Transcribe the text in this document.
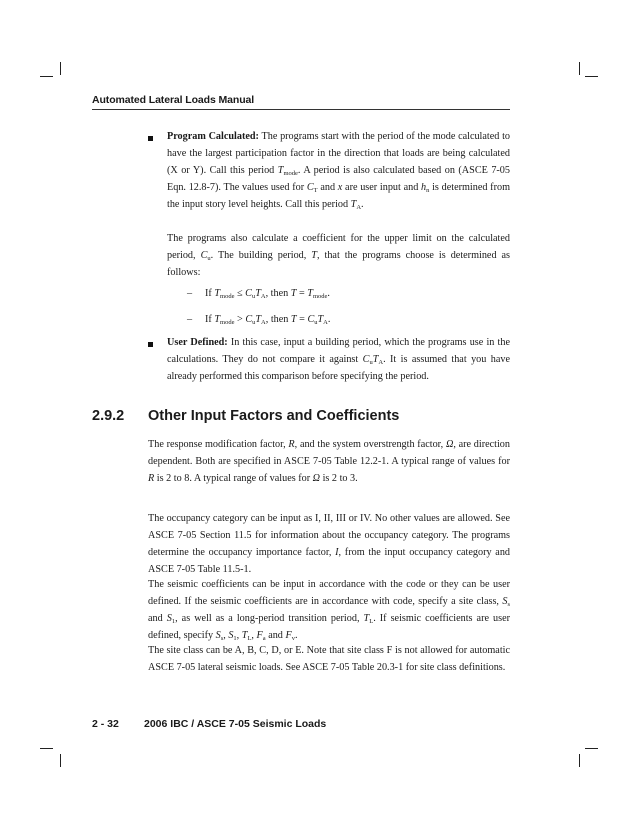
Automated Lateral Loads Manual

Program Calculated: The programs start with the period of the mode calculated to have the largest participation factor in the direction that loads are being calculated (X or Y). Call this period $T_{mode}$. A period is also calculated based on (ASCE 7-05 Eqn. 12.8-7). The values used for $C_T$ and x are user input and $h_n$ is determined from the input story level heights. Call this period $T_A$.

The programs also calculate a coefficient for the upper limit on the calculated period, $C_u$. The building period, T, that the programs choose is determined as follows:

– If $T_{mode} \le C_uT_A$, then $T = T_{mode}$.
– If $T_{mode} > C_uT_A$, then $T = C_uT_A$.

User Defined: In this case, input a building period, which the programs use in the calculations. They do not compare it against $C_uT_A$. It is assumed that you have already performed this comparison before specifying the period.

2.9.2 Other Input Factors and Coefficients

The response modification factor, R, and the system overstrength factor, Ω, are direction dependent. Both are specified in ASCE 7-05 Table 12.2-1. A typical range of values for R is 2 to 8. A typical range of values for Ω is 2 to 3.

The occupancy category can be input as I, II, III or IV. No other values are allowed. See ASCE 7-05 Section 11.5 for information about the occupancy category. The programs determine the occupancy importance factor, I, from the input occupancy category and ASCE 7-05 Table 11.5-1.

The seismic coefficients can be input in accordance with the code or they can be user defined. If the seismic coefficients are in accordance with code, specify a site class, $S_s$ and $S_1$, as well as a long-period transition period, $T_L$. If seismic coefficients are user defined, specify $S_s$, $S_1$, $T_L$, $F_a$ and $F_v$.

The site class can be A, B, C, D, or E. Note that site class F is not allowed for automatic ASCE 7-05 lateral seismic loads. See ASCE 7-05 Table 20.3-1 for site class definitions.

2 - 32 2006 IBC / ASCE 7-05 Seismic Loads
